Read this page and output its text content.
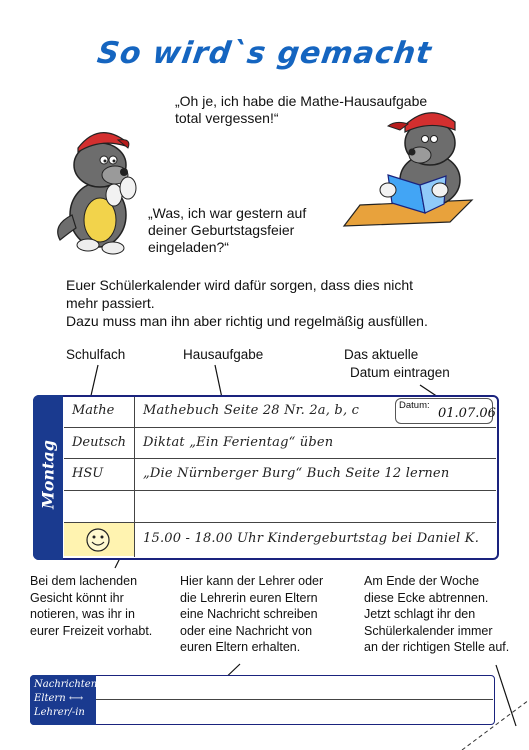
So wird`s gemacht
„Oh je, ich habe die Mathe-Hausaufgabe
total vergessen!“
„Was, ich war gestern auf
deiner Geburtstagsfeier
eingeladen?“
Euer Schülerkalender wird dafür sorgen, dass dies nicht
mehr passiert.
Dazu muss man ihn aber richtig und regelmäßig ausfüllen.
Schulfach	Hausaufgabe	Das aktuelle
Datum eintragen
Montag
Datum:
01.07.06
Mathe Mathebuch Seite 28 Nr. 2a, b, c
Deutsch Diktat „Ein Ferientag“ üben
HSU	„Die Nürnberger Burg“ Buch Seite 12 lernen
15.00 - 18.00 Uhr Kindergeburtstag bei Daniel K.
Bei dem lachenden
Gesicht könnt ihr
notieren, was ihr in
eurer Freizeit vorhabt.
Hier kann der Lehrer oder
die Lehrerin euren Eltern
eine Nachricht schreiben
oder eine Nachricht von
euren Eltern erhalten.
Am Ende der Woche
diese Ecke abtrennen.
Jetzt schlagt ihr den
Schülerkalender immer
an der richtigen Stelle auf.
Nachrichten
Eltern ⟷
Lehrer/-in
